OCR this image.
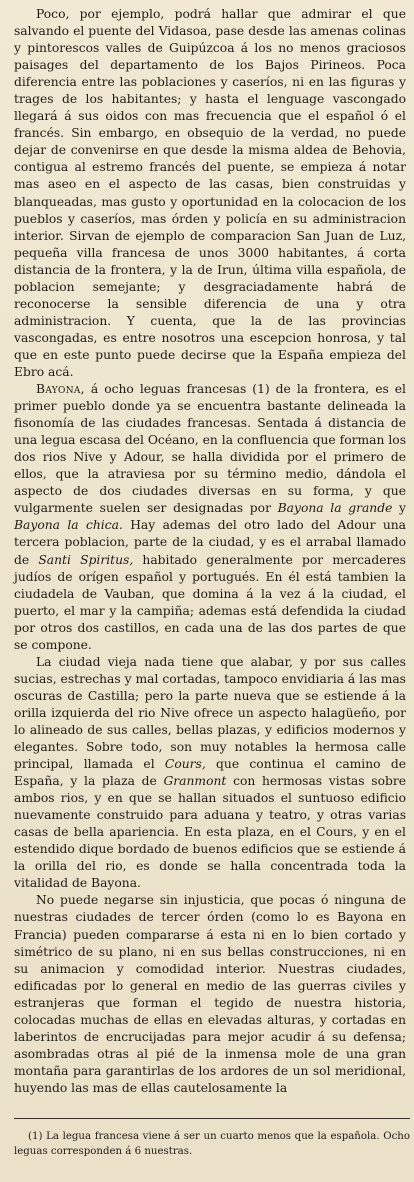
Poco, por ejemplo, podrá hallar que admirar el que salvando el puente del Vidasoa, pase desde las amenas colinas y pintorescos valles de Guipúzcoa á los no menos graciosos paisages del departamento de los Bajos Pirineos. Poca diferencia entre las poblaciones y caseríos, ni en las figuras y trages de los habitantes; y hasta el lenguage vascongado llegará á sus oidos con mas frecuencia que el español ó el francés. Sin embargo, en obsequio de la verdad, no puede dejar de convenirse en que desde la misma aldea de Behovia, contigua al estremo francés del puente, se empieza á notar mas aseo en el aspecto de las casas, bien construidas y blanqueadas, mas gusto y oportunidad en la colocacion de los pueblos y caseríos, mas órden y policía en su administracion interior. Sirvan de ejemplo de comparacion San Juan de Luz, pequeña villa francesa de unos 3000 habitantes, á corta distancia de la frontera, y la de Irun, última villa española, de poblacion semejante; y desgraciadamente habrá de reconocerse la sensible diferencia de una y otra administracion. Y cuenta, que la de las provincias vascongadas, es entre nosotros una escepcion honrosa, y tal que en este punto puede decirse que la España empieza del Ebro acá.

Bayona, á ocho leguas francesas (1) de la frontera, es el primer pueblo donde ya se encuentra bastante delineada la fisonomía de las ciudades francesas. Sentada á distancia de una legua escasa del Océano, en la confluencia que forman los dos rios Nive y Adour, se halla dividida por el primero de ellos, que la atraviesa por su término medio, dándola el aspecto de dos ciudades diversas en su forma, y que vulgarmente suelen ser designadas por Bayona la grande y Bayona la chica. Hay ademas del otro lado del Adour una tercera poblacion, parte de la ciudad, y es el arrabal llamado de Santi Spiritus, habitado generalmente por mercaderes judíos de orígen español y portugués. En él está tambien la ciudadela de Vauban, que domina á la vez á la ciudad, el puerto, el mar y la campiña; ademas está defendida la ciudad por otros dos castillos, en cada una de las dos partes de que se compone.

La ciudad vieja nada tiene que alabar, y por sus calles sucias, estrechas y mal cortadas, tampoco envidiaria á las mas oscuras de Castilla; pero la parte nueva que se estiende á la orilla izquierda del rio Nive ofrece un aspecto halagüeño, por lo alineado de sus calles, bellas plazas, y edificios modernos y elegantes. Sobre todo, son muy notables la hermosa calle principal, llamada el Cours, que continua el camino de España, y la plaza de Granmont con hermosas vistas sobre ambos rios, y en que se hallan situados el suntuoso edificio nuevamente construido para aduana y teatro, y otras varias casas de bella apariencia. En esta plaza, en el Cours, y en el estendido dique bordado de buenos edificios que se estiende á la orilla del rio, es donde se halla concentrada toda la vitalidad de Bayona.

No puede negarse sin injusticia, que pocas ó ninguna de nuestras ciudades de tercer órden (como lo es Bayona en Francia) pueden compararse á esta ni en lo bien cortado y simétrico de su plano, ni en sus bellas construcciones, ni en su animacion y comodidad interior. Nuestras ciudades, edificadas por lo general en medio de las guerras civiles y estranjeras que forman el tegido de nuestra historia, colocadas muchas de ellas en elevadas alturas, y cortadas en laberintos de encrucijadas para mejor acudir á su defensa; asombradas otras al pié de la inmensa mole de una gran montaña para garantirlas de los ardores de un sol meridional, huyendo las mas de ellas cautelosamente la

(1) La legua francesa viene á ser un cuarto menos que la española. Ocho leguas corresponden á 6 nuestras.
